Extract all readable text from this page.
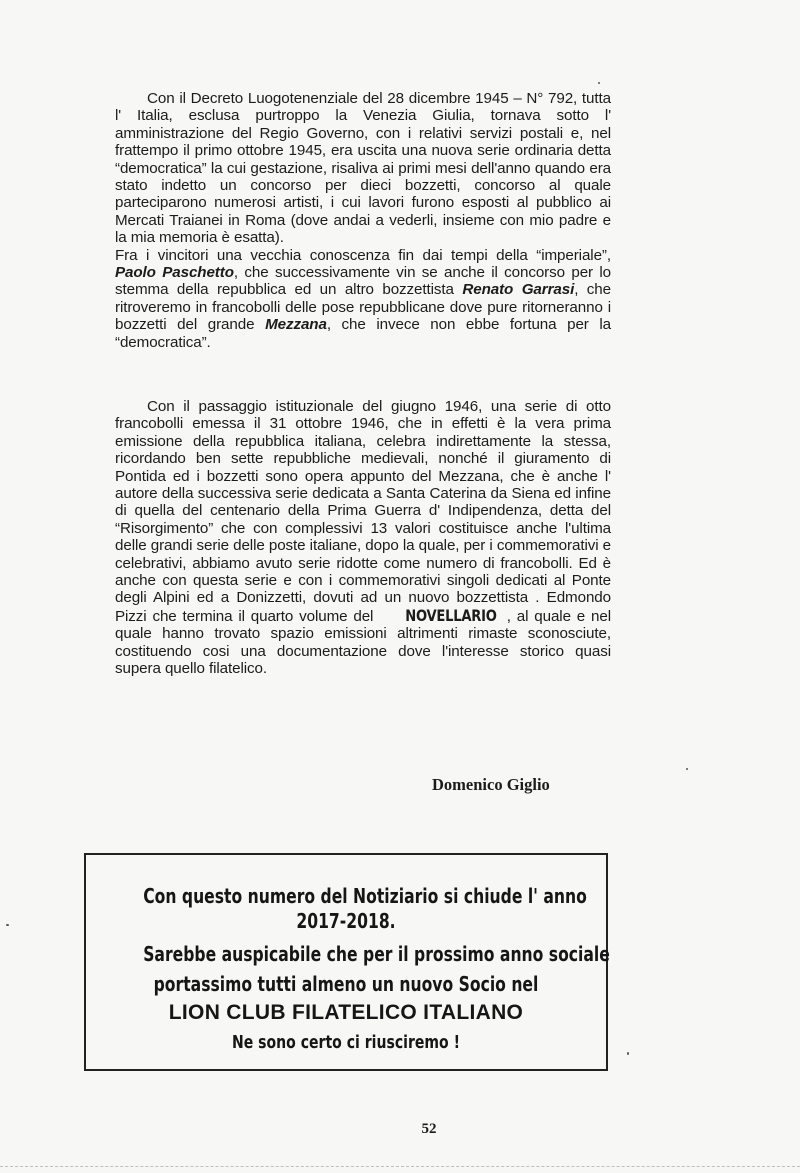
Con il Decreto Luogotenenziale del 28 dicembre 1945 – N° 792, tutta l' Italia, esclusa purtroppo la Venezia Giulia, tornava sotto l' amministrazione del Regio Governo, con i relativi servizi postali e, nel frattempo il primo ottobre 1945, era uscita una nuova serie ordinaria detta “democratica” la cui gestazione, risaliva ai primi mesi dell'anno quando era stato indetto un concorso per dieci bozzetti, concorso al quale parteciparono numerosi artisti, i cui lavori furono esposti al pubblico ai Mercati Traianei in Roma (dove andai a vederli, insieme con mio padre e la mia memoria è esatta).
Fra i vincitori una vecchia conoscenza fin dai tempi della “imperiale”, Paolo Paschetto, che successivamente vin se anche il concorso per lo stemma della repubblica ed un altro bozzettista Renato Garrasi, che ritroveremo in francobolli delle pose repubblicane dove pure ritorneranno i bozzetti del grande Mezzana, che invece non ebbe fortuna per la “democratica”.

Con il passaggio istituzionale del giugno 1946, una serie di otto francobolli emessa il 31 ottobre 1946, che in effetti è la vera prima emissione della repubblica italiana, celebra indirettamente la stessa, ricordando ben sette repubbliche medievali, nonché il giuramento di Pontida ed i bozzetti sono opera appunto del Mezzana, che è anche l' autore della successiva serie dedicata a Santa Caterina da Siena ed infine di quella del centenario della Prima Guerra d' Indipendenza, detta del “Risorgimento” che con complessivi 13 valori costituisce anche l'ultima delle grandi serie delle poste italiane, dopo la quale, per i commemorativi e celebrativi, abbiamo avuto serie ridotte come numero di francobolli. Ed è anche con questa serie e con i commemorativi singoli dedicati al Ponte degli Alpini ed a Donizzetti, dovuti ad un nuovo bozzettista . Edmondo Pizzi che termina il quarto volume del NOVELLARIO , al quale e nel quale hanno trovato spazio emissioni altrimenti rimaste sconosciute, costituendo cosi una documentazione dove l'interesse storico quasi supera quello filatelico.

Domenico Giglio
Con questo numero del Notiziario si chiude l' anno
2017-2018.
Sarebbe auspicabile che per il prossimo anno sociale
portassimo tutti almeno un nuovo Socio nel
LION CLUB FILATELICO ITALIANO
Ne sono certo ci riusciremo !
52
